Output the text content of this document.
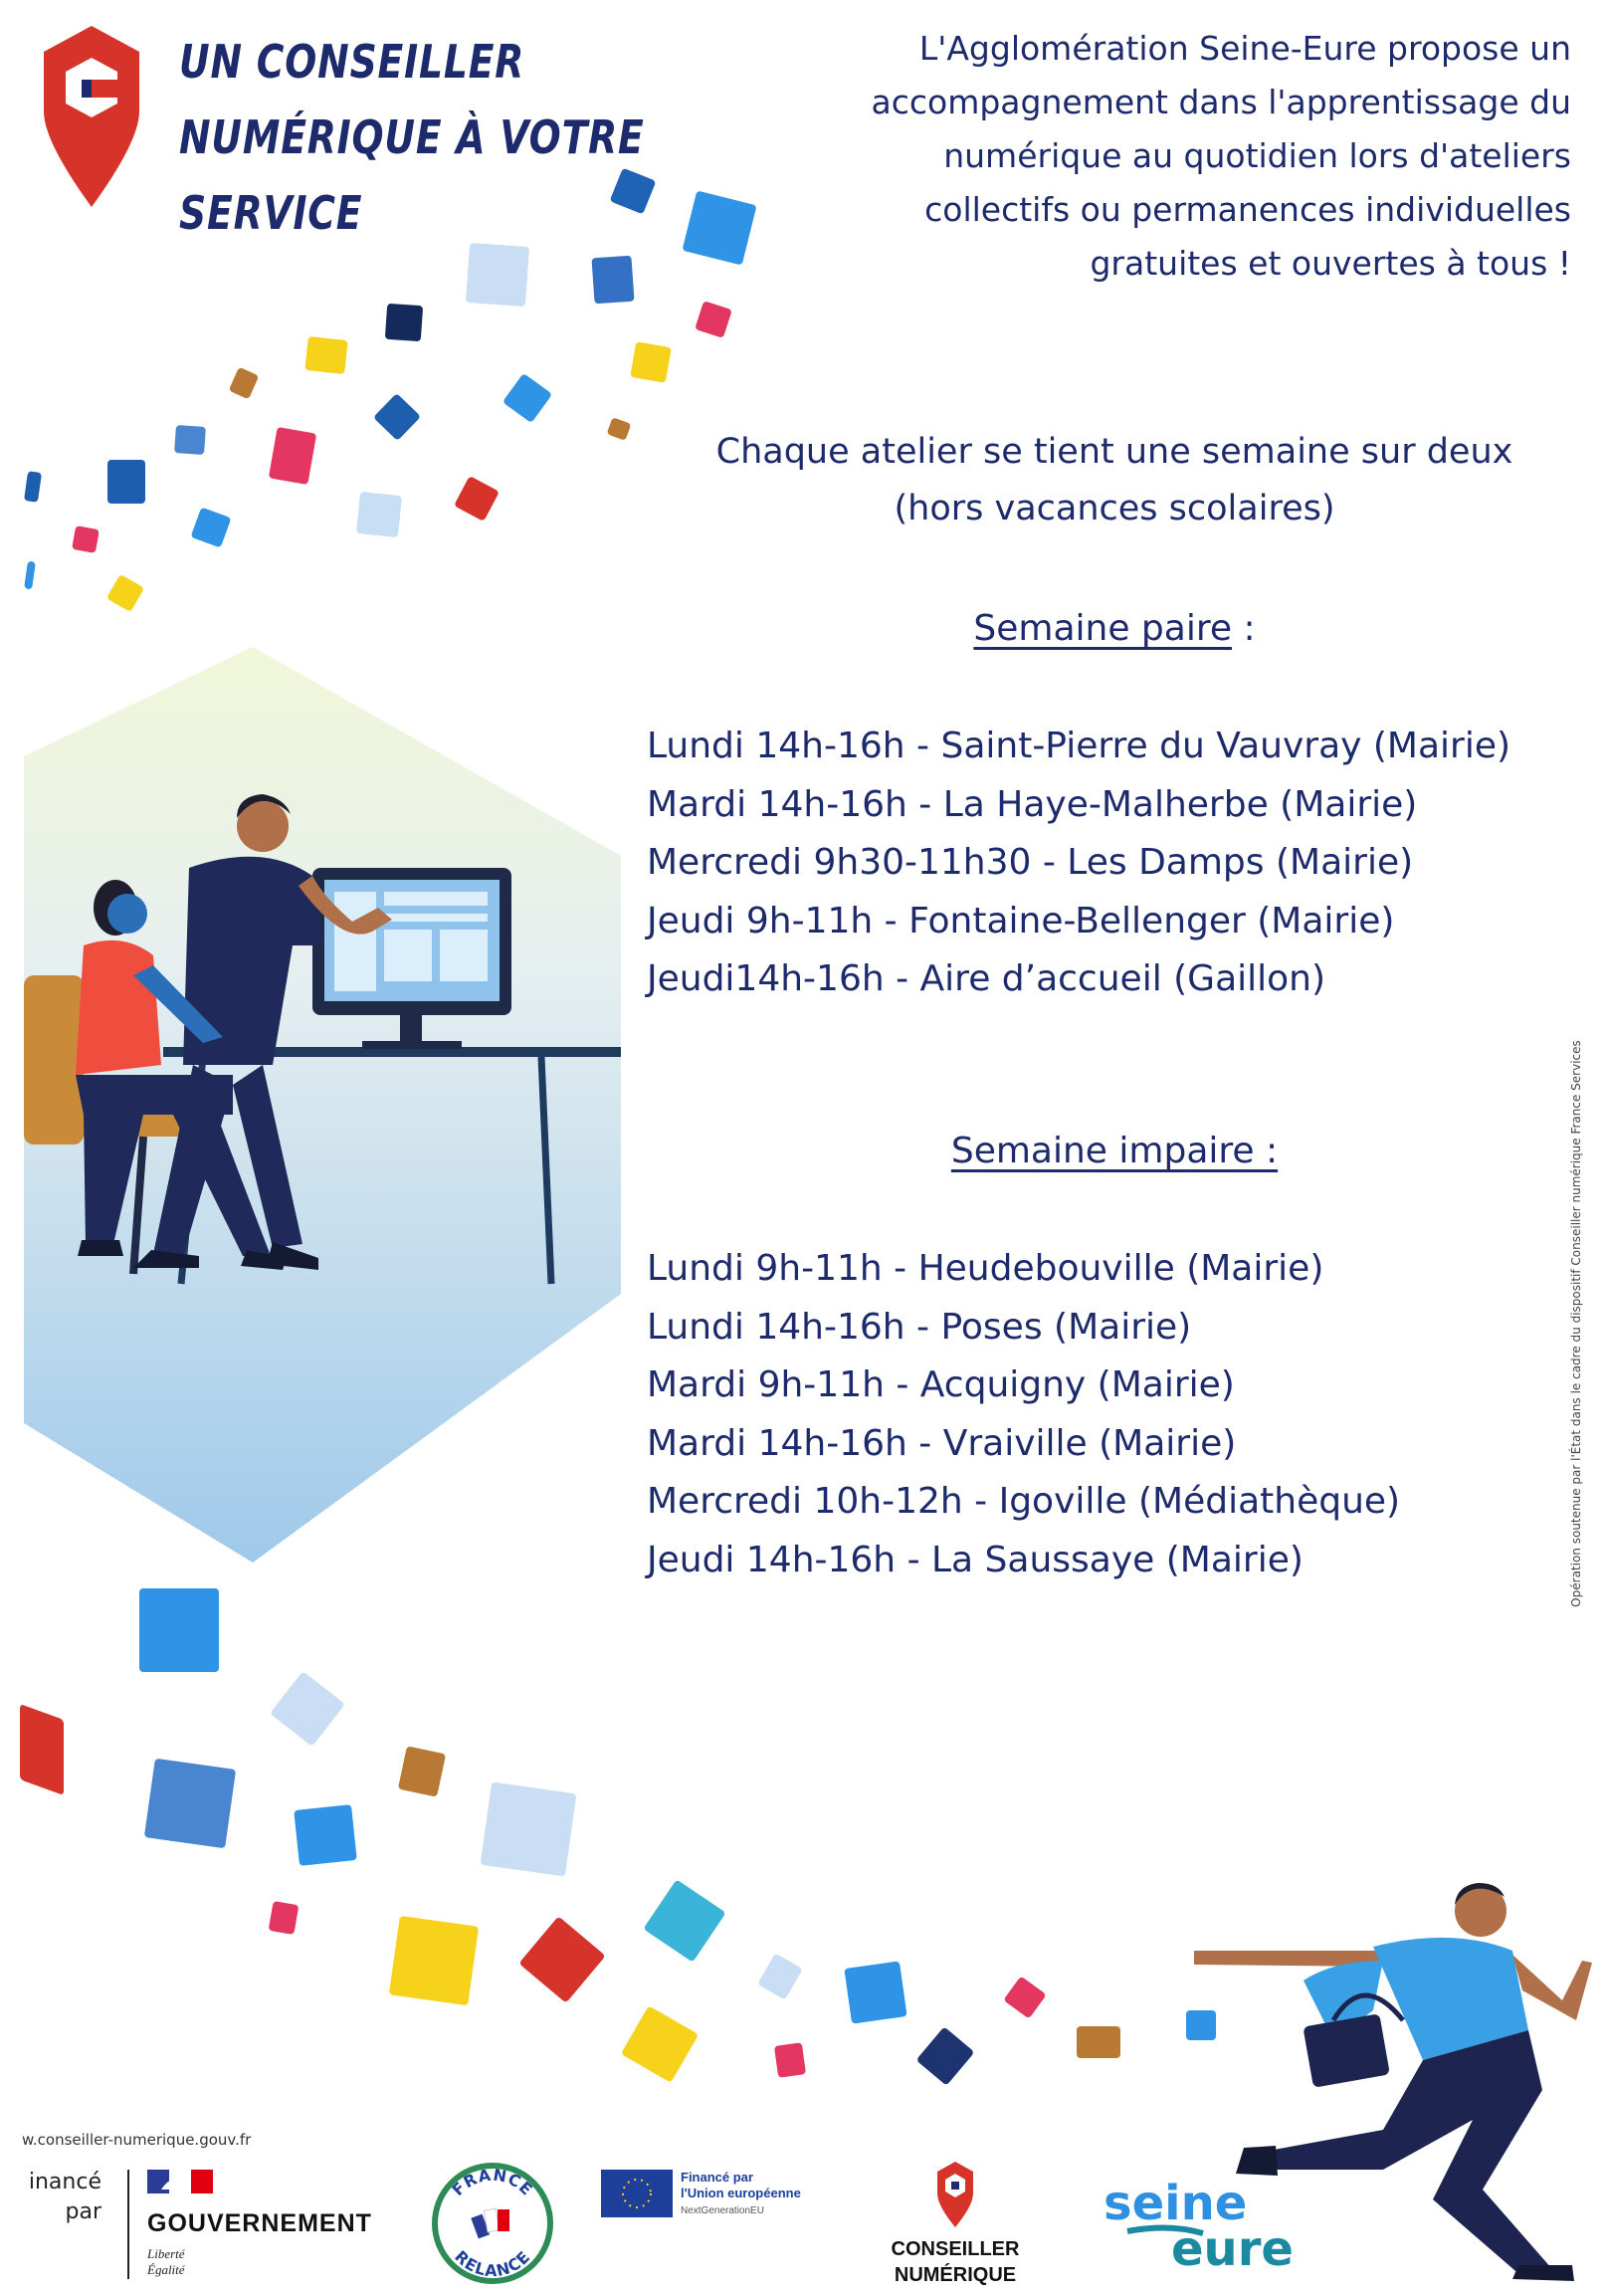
UN CONSEILLER
NUMÉRIQUE À VOTRE
SERVICE
L'Agglomération Seine-Eure propose un
accompagnement dans l'apprentissage du
numérique au quotidien lors d'ateliers
collectifs ou permanences individuelles
gratuites et ouvertes à tous !
Chaque atelier se tient une semaine sur deux
(hors vacances scolaires)
Semaine paire :
Lundi 14h-16h - Saint-Pierre du Vauvray (Mairie)
Mardi 14h-16h - La Haye-Malherbe (Mairie)
Mercredi 9h30-11h30 - Les Damps (Mairie)
Jeudi 9h-11h - Fontaine-Bellenger (Mairie)
Jeudi14h-16h - Aire d’accueil (Gaillon)
Semaine impaire :
Lundi 9h-11h - Heudebouville (Mairie)
Lundi 14h-16h - Poses (Mairie)
Mardi 9h-11h - Acquigny (Mairie)
Mardi 14h-16h - Vraiville (Mairie)
Mercredi 10h-12h - Igoville (Médiathèque)
Jeudi 14h-16h - La Saussaye (Mairie)	Opération soutenue par l'État dans le cadre du dispositif Conseiller numérique France Services
w.conseiller-numerique.gouv.fr
inancé
par GOUVERNEMENT
Liberté
Égalité
FRANCE
RELANCE
Financé par
l'Union européenne
NextGenerationEU
CONSEILLER
NUMÉRIQUE
seine
eure
